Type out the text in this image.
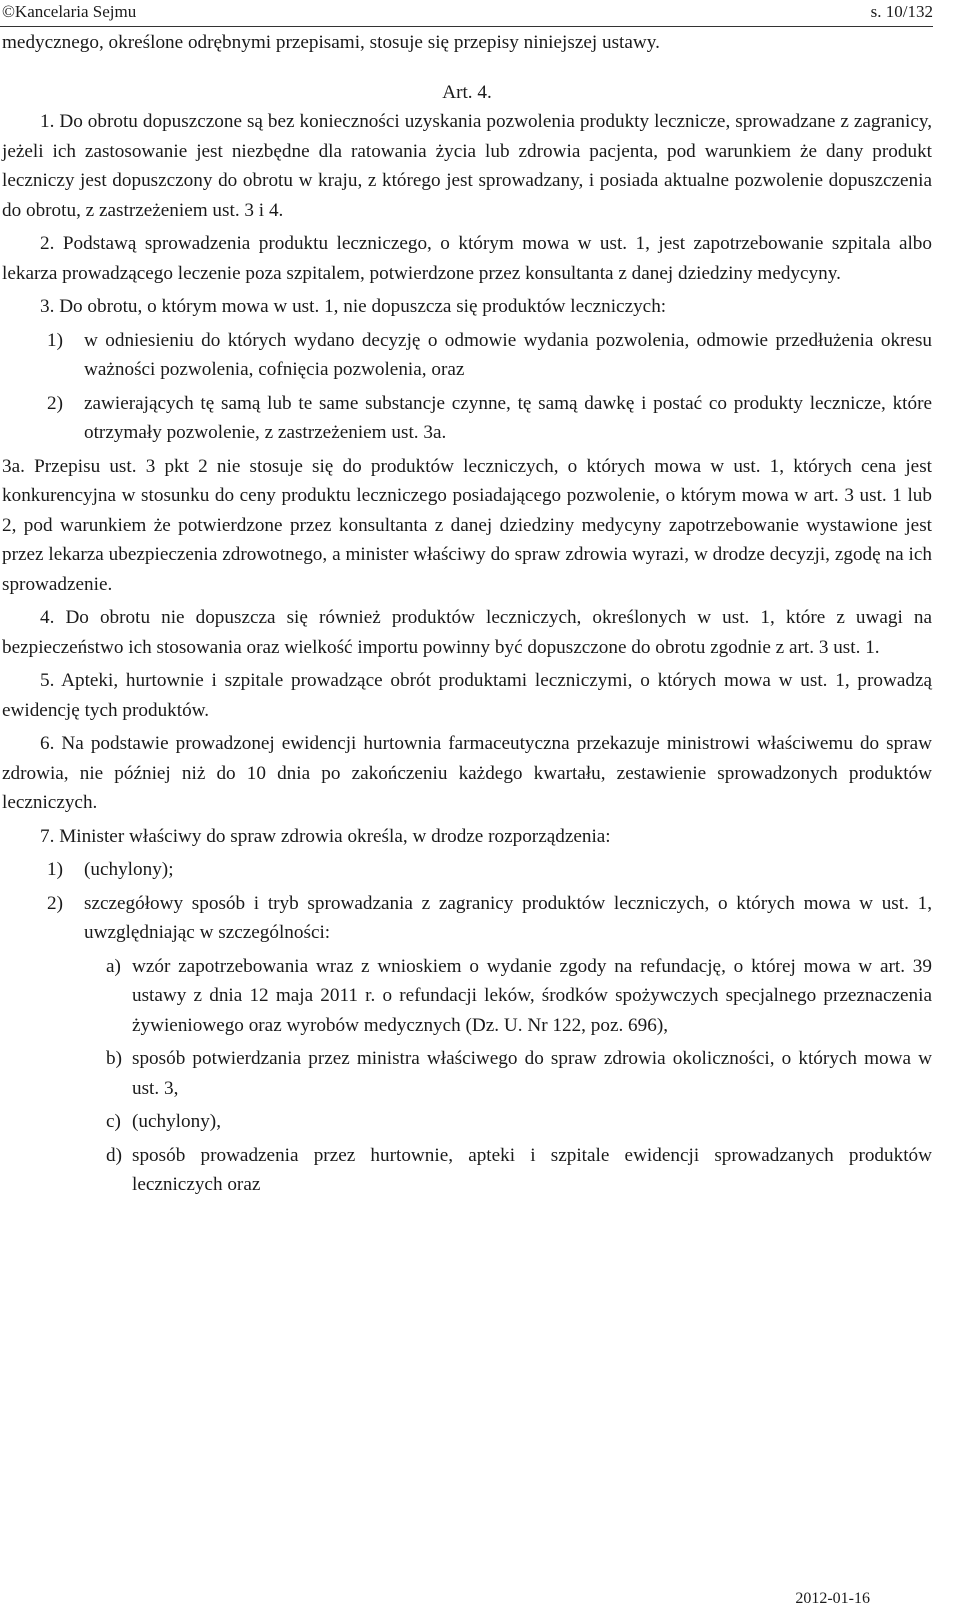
©Kancelaria Sejmu	s. 10/132

medycznego, określone odrębnymi przepisami, stosuje się przepisy niniejszej ustawy.

Art. 4.

1. Do obrotu dopuszczone są bez konieczności uzyskania pozwolenia produkty lecznicze, sprowadzane z zagranicy, jeżeli ich zastosowanie jest niezbędne dla ratowania życia lub zdrowia pacjenta, pod warunkiem że dany produkt leczniczy jest dopuszczony do obrotu w kraju, z którego jest sprowadzany, i posiada aktualne pozwolenie dopuszczenia do obrotu, z zastrzeżeniem ust. 3 i 4.

2. Podstawą sprowadzenia produktu leczniczego, o którym mowa w ust. 1, jest zapotrzebowanie szpitala albo lekarza prowadzącego leczenie poza szpitalem, potwierdzone przez konsultanta z danej dziedziny medycyny.

3. Do obrotu, o którym mowa w ust. 1, nie dopuszcza się produktów leczniczych:

1) w odniesieniu do których wydano decyzję o odmowie wydania pozwolenia, odmowie przedłużenia okresu ważności pozwolenia, cofnięcia pozwolenia, oraz

2) zawierających tę samą lub te same substancje czynne, tę samą dawkę i postać co produkty lecznicze, które otrzymały pozwolenie, z zastrzeżeniem ust. 3a.

3a. Przepisu ust. 3 pkt 2 nie stosuje się do produktów leczniczych, o których mowa w ust. 1, których cena jest konkurencyjna w stosunku do ceny produktu leczniczego posiadającego pozwolenie, o którym mowa w art. 3 ust. 1 lub 2, pod warunkiem że potwierdzone przez konsultanta z danej dziedziny medycyny zapotrzebowanie wystawione jest przez lekarza ubezpieczenia zdrowotnego, a minister właściwy do spraw zdrowia wyrazi, w drodze decyzji, zgodę na ich sprowadzenie.

4. Do obrotu nie dopuszcza się również produktów leczniczych, określonych w ust. 1, które z uwagi na bezpieczeństwo ich stosowania oraz wielkość importu powinny być dopuszczone do obrotu zgodnie z art. 3 ust. 1.

5. Apteki, hurtownie i szpitale prowadzące obrót produktami leczniczymi, o których mowa w ust. 1, prowadzą ewidencję tych produktów.

6. Na podstawie prowadzonej ewidencji hurtownia farmaceutyczna przekazuje ministrowi właściwemu do spraw zdrowia, nie później niż do 10 dnia po zakończeniu każdego kwartału, zestawienie sprowadzonych produktów leczniczych.

7. Minister właściwy do spraw zdrowia określa, w drodze rozporządzenia:

1) (uchylony);

2) szczegółowy sposób i tryb sprowadzania z zagranicy produktów leczniczych, o których mowa w ust. 1, uwzględniając w szczególności:

a) wzór zapotrzebowania wraz z wnioskiem o wydanie zgody na refundację, o której mowa w art. 39 ustawy z dnia 12 maja 2011 r. o refundacji leków, środków spożywczych specjalnego przeznaczenia żywieniowego oraz wyrobów medycznych (Dz. U. Nr 122, poz. 696),

b) sposób potwierdzania przez ministra właściwego do spraw zdrowia okoliczności, o których mowa w ust. 3,

c) (uchylony),

d) sposób prowadzenia przez hurtownie, apteki i szpitale ewidencji sprowadzanych produktów leczniczych oraz

2012-01-16
